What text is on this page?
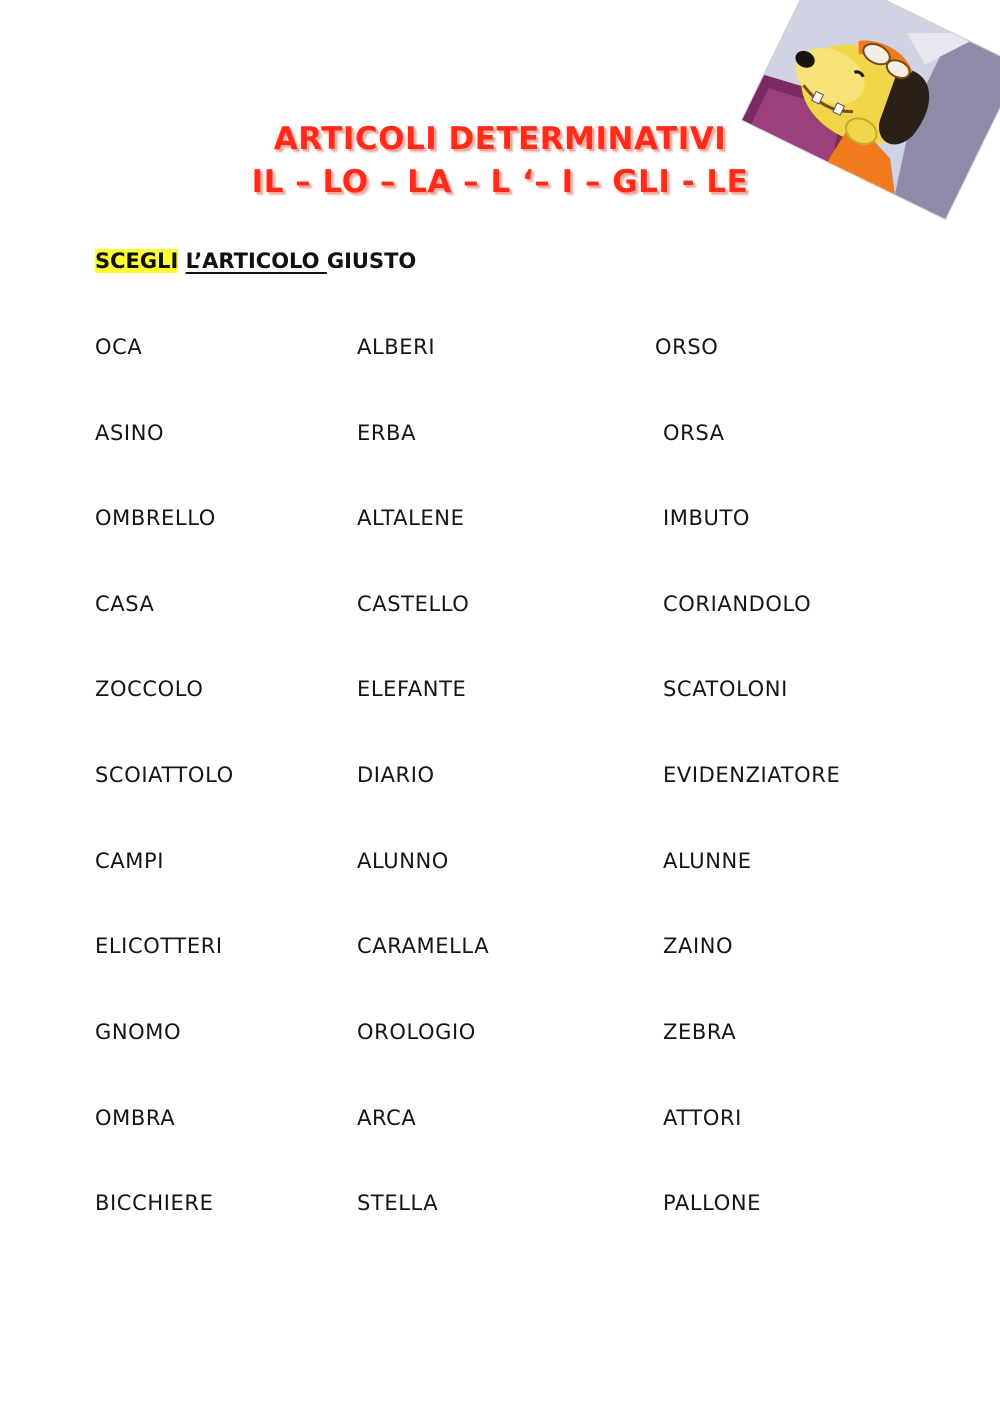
ARTICOLI DETERMINATIVI
IL – LO – LA – L ‘– I – GLI - LE
SCEGLI L’ARTICOLO GIUSTO
OCA
ASINO
OMBRELLO
CASA
ZOCCOLO
SCOIATTOLO
CAMPI
ELICOTTERI
GNOMO
OMBRA
BICCHIERE
ALBERI
ERBA
ALTALENE
CASTELLO
ELEFANTE
DIARIO
ALUNNO
CARAMELLA
OROLOGIO
ARCA
STELLA
ORSO
ORSA
IMBUTO
CORIANDOLO
SCATOLONI
EVIDENZIATORE
ALUNNE
ZAINO
ZEBRA
ATTORI
PALLONE
